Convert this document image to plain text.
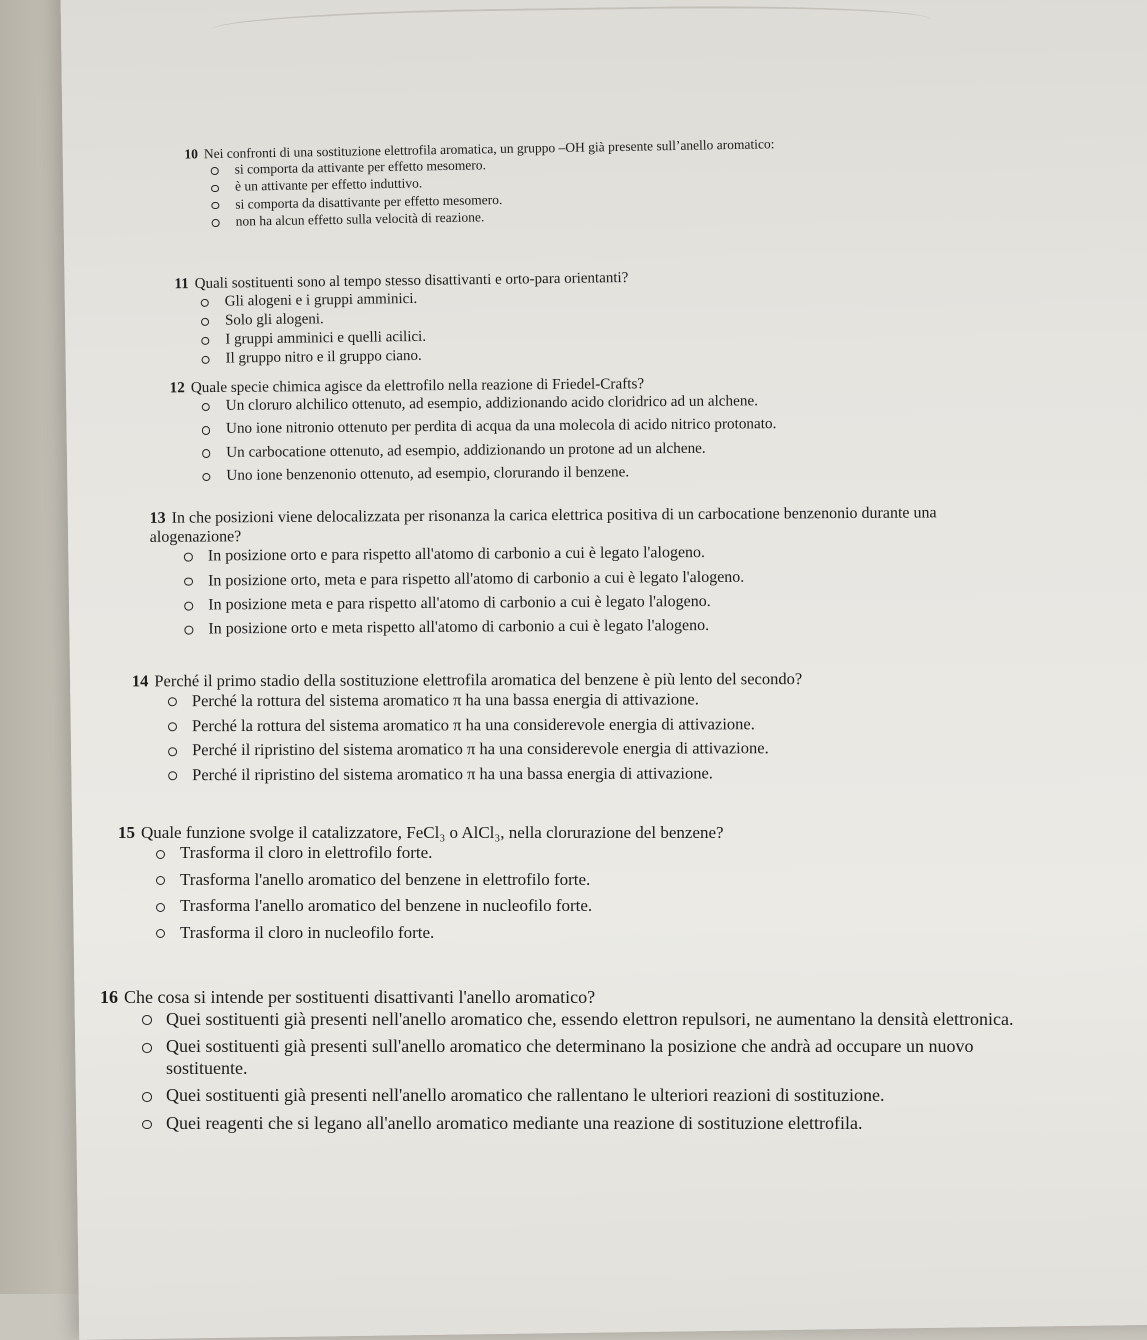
10 Nei confronti di una sostituzione elettrofila aromatica, un gruppo –OH già presente sull’anello aromatico:

si comporta da attivante per effetto mesomero.
è un attivante per effetto induttivo.
si comporta da disattivante per effetto mesomero.
non ha alcun effetto sulla velocità di reazione.

11 Quali sostituenti sono al tempo stesso disattivanti e orto-para orientanti?

Gli alogeni e i gruppi amminici.
Solo gli alogeni.
I gruppi amminici e quelli acilici.
Il gruppo nitro e il gruppo ciano.

12 Quale specie chimica agisce da elettrofilo nella reazione di Friedel-Crafts?

Un cloruro alchilico ottenuto, ad esempio, addizionando acido cloridrico ad un alchene.
Uno ione nitronio ottenuto per perdita di acqua da una molecola di acido nitrico protonato.
Un carbocatione ottenuto, ad esempio, addizionando un protone ad un alchene.
Uno ione benzenonio ottenuto, ad esempio, clorurando il benzene.

13 In che posizioni viene delocalizzata per risonanza la carica elettrica positiva di un carbocatione benzenonio durante una alogenazione?

In posizione orto e para rispetto all'atomo di carbonio a cui è legato l'alogeno.
In posizione orto, meta e para rispetto all'atomo di carbonio a cui è legato l'alogeno.
In posizione meta e para rispetto all'atomo di carbonio a cui è legato l'alogeno.
In posizione orto e meta rispetto all'atomo di carbonio a cui è legato l'alogeno.

14 Perché il primo stadio della sostituzione elettrofila aromatica del benzene è più lento del secondo?

Perché la rottura del sistema aromatico π ha una bassa energia di attivazione.
Perché la rottura del sistema aromatico π ha una considerevole energia di attivazione.
Perché il ripristino del sistema aromatico π ha una considerevole energia di attivazione.
Perché il ripristino del sistema aromatico π ha una bassa energia di attivazione.

15 Quale funzione svolge il catalizzatore, FeCl₃ o AlCl₃, nella clorurazione del benzene?

Trasforma il cloro in elettrofilo forte.
Trasforma l'anello aromatico del benzene in elettrofilo forte.
Trasforma l'anello aromatico del benzene in nucleofilo forte.
Trasforma il cloro in nucleofilo forte.

16 Che cosa si intende per sostituenti disattivanti l'anello aromatico?

Quei sostituenti già presenti nell'anello aromatico che, essendo elettron repulsori, ne aumentano la densità elettronica.
Quei sostituenti già presenti sull'anello aromatico che determinano la posizione che andrà ad occupare un nuovo sostituente.
Quei sostituenti già presenti nell'anello aromatico che rallentano le ulteriori reazioni di sostituzione.
Quei reagenti che si legano all'anello aromatico mediante una reazione di sostituzione elettrofila.
